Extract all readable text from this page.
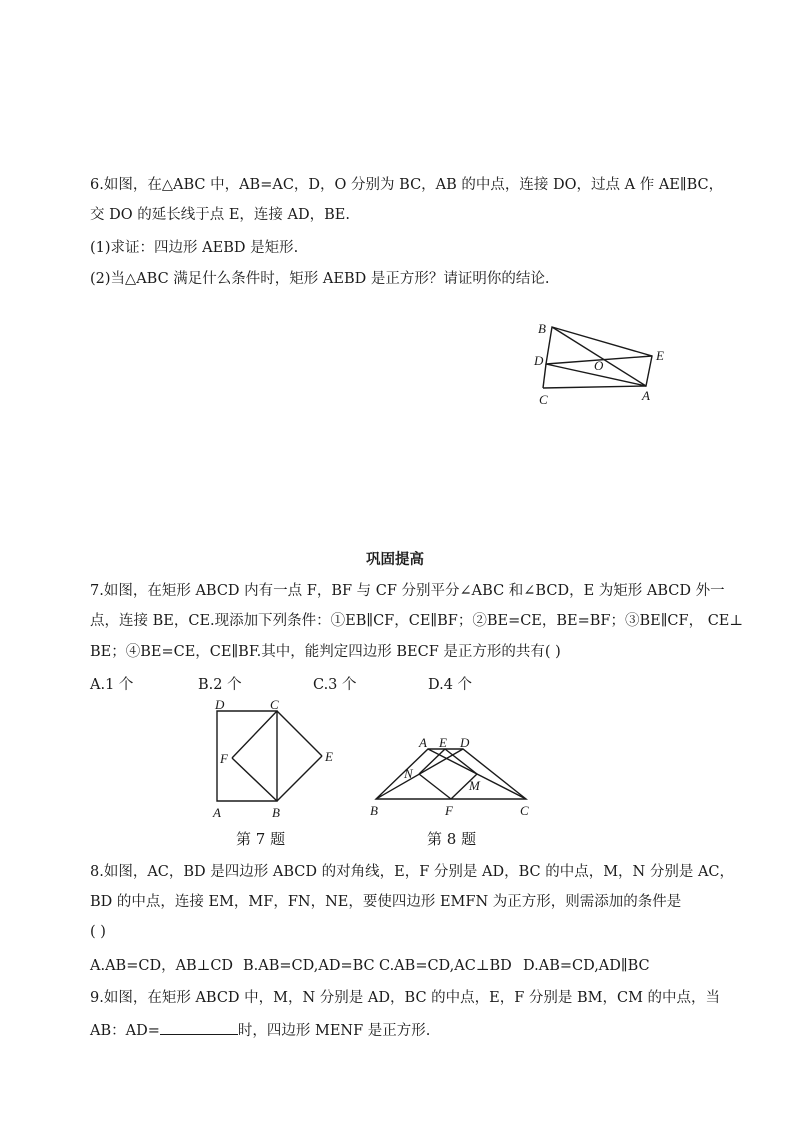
6.如图，在△ABC 中，AB=AC，D，O 分别为 BC，AB 的中点，连接 DO，过点 A 作 AE∥BC，
交 DO 的延长线于点 E，连接 AD，BE.
(1)求证：四边形 AEBD 是矩形.
(2)当△ABC 满足什么条件时，矩形 AEBD 是正方形？请证明你的结论.
B
D
C
O
E
A
巩固提高
7.如图，在矩形 ABCD 内有一点 F，BF 与 CF 分别平分∠ABC 和∠BCD，E 为矩形 ABCD 外一
点，连接 BE，CE.现添加下列条件：①EB∥CF，CE∥BF；②BE=CE，BE=BF；③BE∥CF， CE⊥
BE；④BE=CE，CE∥BF.其中，能判定四边形 BECF 是正方形的共有( )
A.1 个	B.2 个	C.3 个	D.4 个
D	C
F	E
A	B
第 7 题
A E D
N
M
B	F	C
第 8 题
8.如图，AC，BD 是四边形 ABCD 的对角线，E，F 分别是 AD，BC 的中点，M，N 分别是 AC，
BD 的中点，连接 EM，MF，FN，NE，要使四边形 EMFN 为正方形，则需添加的条件是
( )
A.AB=CD，AB⊥CD B.AB=CD,AD=BC C.AB=CD,AC⊥BD D.AB=CD,AD∥BC
9.如图，在矩形 ABCD 中，M，N 分别是 AD，BC 的中点，E，F 分别是 BM，CM 的中点，当
AB：AD=	时，四边形 MENF 是正方形.
